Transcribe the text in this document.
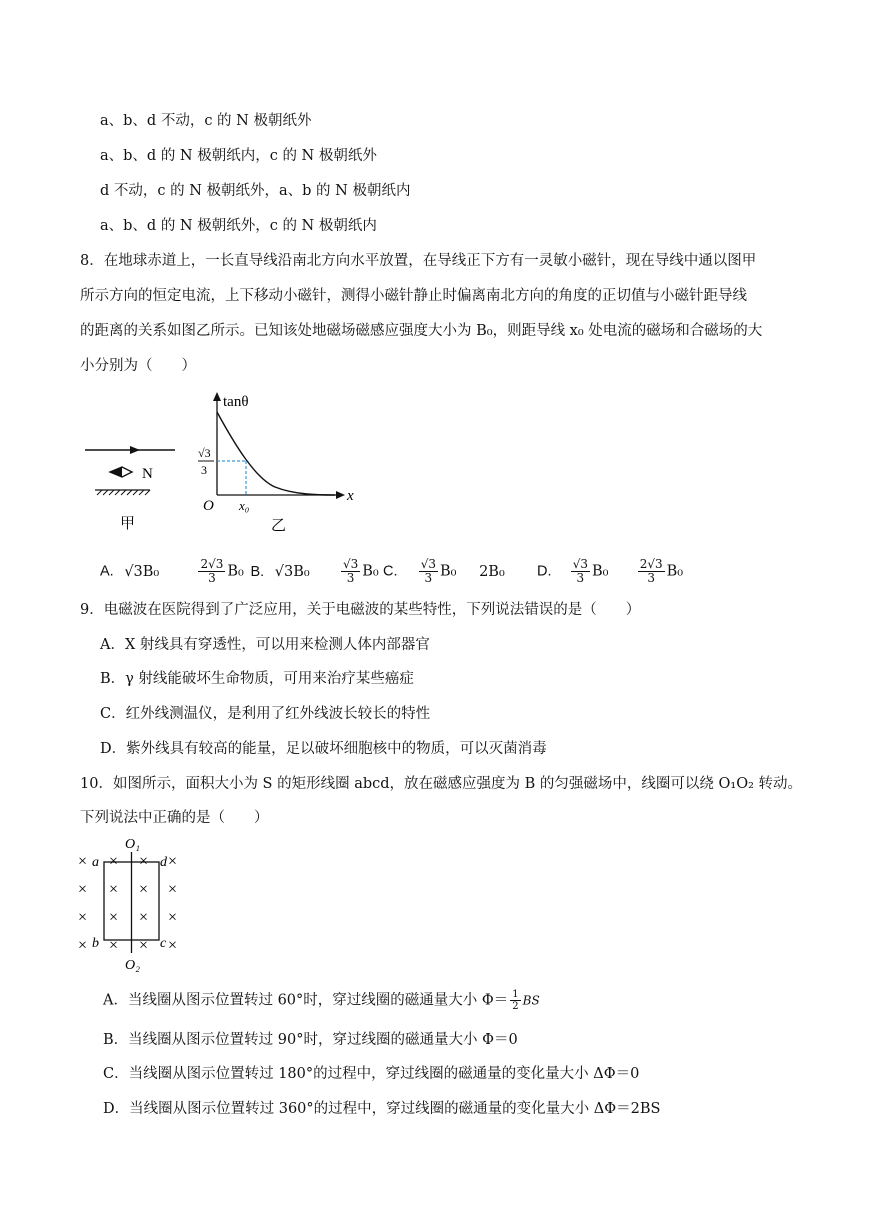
a、b、d 不动，c 的 N 极朝纸外
a、b、d 的 N 极朝纸内，c 的 N 极朝纸外
d 不动，c 的 N 极朝纸外，a、b 的 N 极朝纸内
a、b、d 的 N 极朝纸外，c 的 N 极朝纸内
8．在地球赤道上，一长直导线沿南北方向水平放置，在导线正下方有一灵敏小磁针，现在导线中通以图甲
所示方向的恒定电流，上下移动小磁针，测得小磁针静止时偏离南北方向的角度的正切值与小磁针距导线
的距离的关系如图乙所示。已知该处地磁场磁感应强度大小为 B₀，则距导线 x₀ 处电流的磁场和合磁场的大
小分别为（　　）
N
甲
tanθ
x
O x₀
√3
3
乙
A. √3B₀	$\frac{2√3}{3} B_0$ B. √3B₀	$\frac{√3}{3} B_0$ C. $\frac{√3}{3} B_0$ 2B₀ D. $\frac{√3}{3} B_0 \frac{2√3}{3} B_0$
9．电磁波在医院得到了广泛应用，关于电磁波的某些特性，下列说法错误的是（　　）
A．X 射线具有穿透性，可以用来检测人体内部器官
B．γ 射线能破坏生命物质，可用来治疗某些癌症
C．红外线测温仪，是利用了红外线波长较长的特性
D．紫外线具有较高的能量，足以破坏细胞核中的物质，可以灭菌消毒
10．如图所示，面积大小为 S 的矩形线圈 abcd，放在磁感应强度为 B 的匀强磁场中，线圈可以绕 O₁O₂ 转动。
下列说法中正确的是（　　）
× × × ×
× × × ×
× × × ×
× × × ×
O₁
O₂
a
b	c
d
A．当线圈从图示位置转过 60°时，穿过线圈的磁通量大小 $\Phi= \frac{1}{2}$ BS
B．当线圈从图示位置转过 90°时，穿过线圈的磁通量大小 Φ＝0
C．当线圈从图示位置转过 180°的过程中，穿过线圈的磁通量的变化量大小 ΔΦ＝0
D．当线圈从图示位置转过 360°的过程中，穿过线圈的磁通量的变化量大小 ΔΦ＝2BS
